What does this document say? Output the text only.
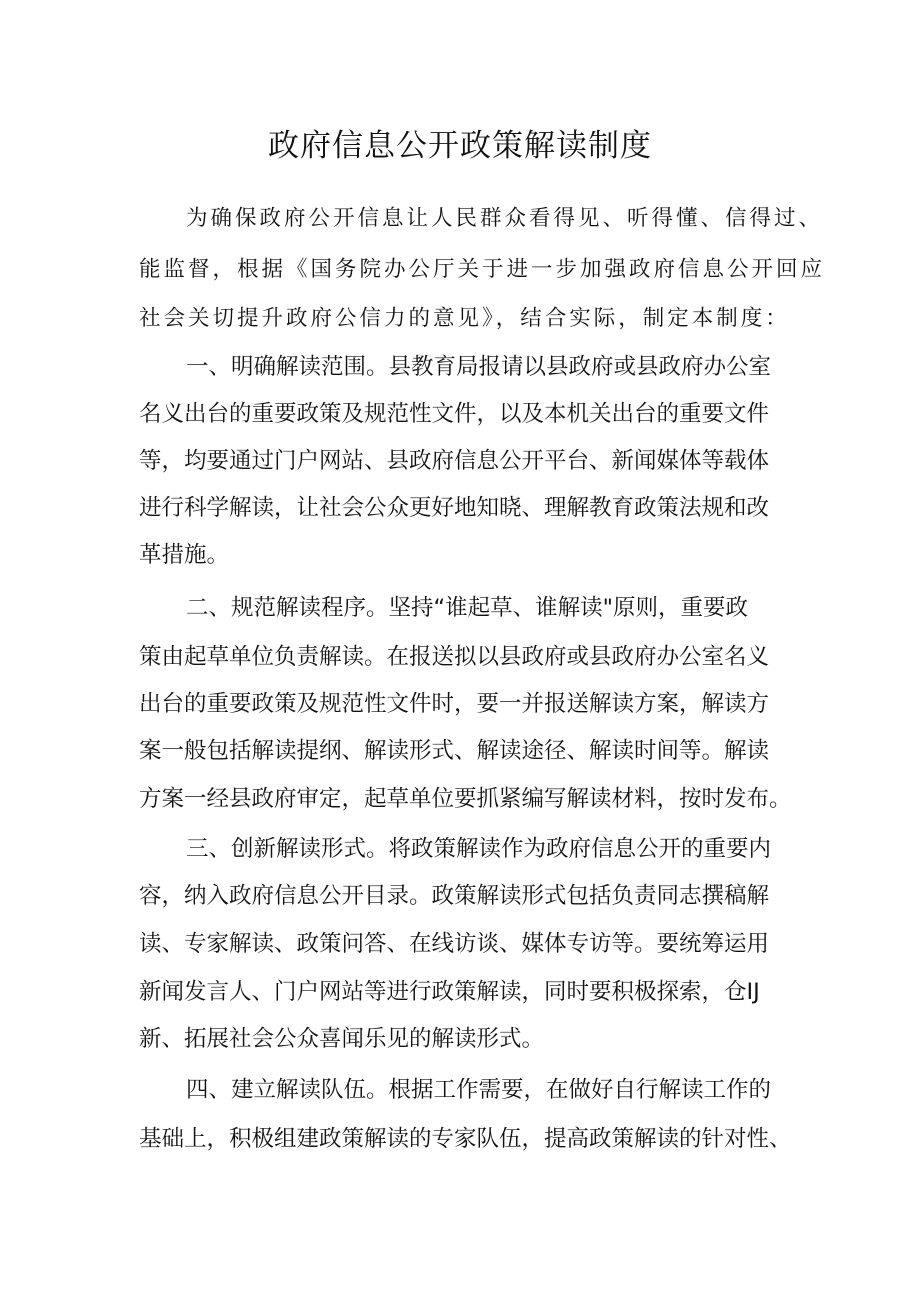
政府信息公开政策解读制度

为确保政府公开信息让人民群众看得见、听得懂、信得过、

能监督，根据《国务院办公厅关于进一步加强政府信息公开回应

社会关切提升政府公信力的意见》，结合实际，制定本制度：

一、明确解读范围。县教育局报请以县政府或县政府办公室

名义出台的重要政策及规范性文件，以及本机关出台的重要文件

等，均要通过门户网站、县政府信息公开平台、新闻媒体等载体

进行科学解读，让社会公众更好地知晓、理解教育政策法规和改

革措施。

二、规范解读程序。坚持“谁起草、谁解读"原则，重要政

策由起草单位负责解读。在报送拟以县政府或县政府办公室名义

出台的重要政策及规范性文件时，要一并报送解读方案，解读方

案一般包括解读提纲、解读形式、解读途径、解读时间等。解读

方案一经县政府审定，起草单位要抓紧编写解读材料，按时发布。

三、创新解读形式。将政策解读作为政府信息公开的重要内

容，纳入政府信息公开目录。政策解读形式包括负责同志撰稿解

读、专家解读、政策问答、在线访谈、媒体专访等。要统筹运用

新闻发言人、门户网站等进行政策解读，同时要积极探索，仓IJ

新、拓展社会公众喜闻乐见的解读形式。

四、建立解读队伍。根据工作需要，在做好自行解读工作的

基础上，积极组建政策解读的专家队伍，提高政策解读的针对性、
